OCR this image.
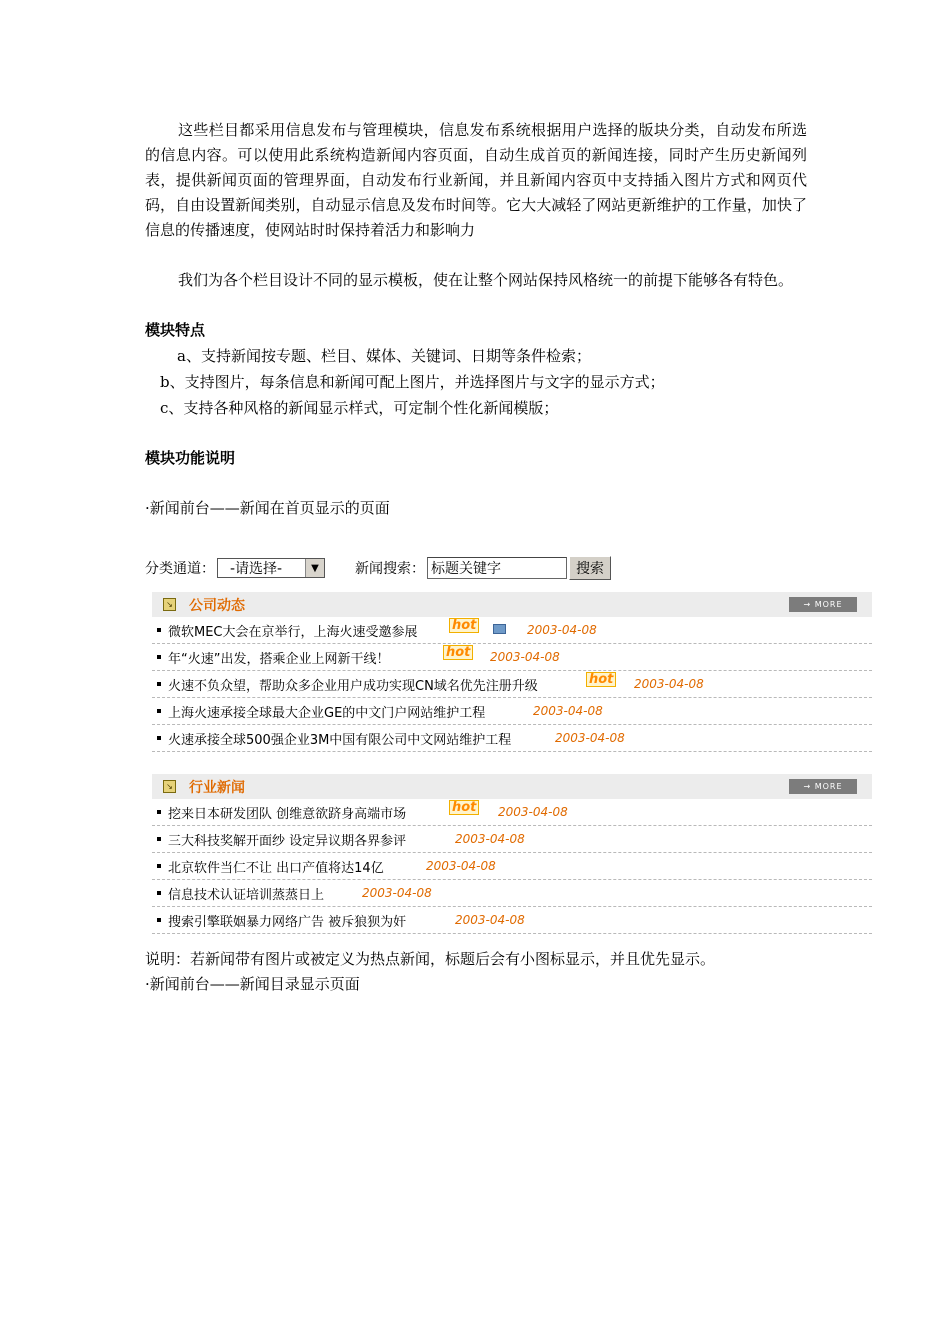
这些栏目都采用信息发布与管理模块，信息发布系统根据用户选择的版块分类，自动发布所选的信息内容。可以使用此系统构造新闻内容页面，自动生成首页的新闻连接，同时产生历史新闻列表，提供新闻页面的管理界面，自动发布行业新闻，并且新闻内容页中支持插入图片方式和网页代码，自由设置新闻类别，自动显示信息及发布时间等。它大大减轻了网站更新维护的工作量，加快了信息的传播速度，使网站时时保持着活力和影响力

我们为各个栏目设计不同的显示模板，使在让整个网站保持风格统一的前提下能够各有特色。

模块特点

a、支持新闻按专题、栏目、媒体、关键词、日期等条件检索；

b、支持图片，每条信息和新闻可配上图片，并选择图片与文字的显示方式；

c、支持各种风格的新闻显示样式，可定制个性化新闻模版；

模块功能说明

·新闻前台——新闻在首页显示的页面

分类通道：	-请选择-	▼	新闻搜索：
标题关键字	搜索
↘ 公司动态	→ MORE
微软MEC大会在京举行，上海火速受邀参展	hot	2003-04-08
年“火速”出发，搭乘企业上网新干线！	hot 2003-04-08
火速不负众望，帮助众多企业用户成功实现CN域名优先注册升级	hot 2003-04-08
上海火速承接全球最大企业GE的中文门户网站维护工程	2003-04-08
火速承接全球500强企业3M中国有限公司中文网站维护工程	2003-04-08
↘ 行业新闻	→ MORE
挖来日本研发团队 创维意欲跻身高端市场	hot 2003-04-08
三大科技奖解开面纱 设定异议期各界参评	2003-04-08
北京软件当仁不让 出口产值将达14亿	2003-04-08
信息技术认证培训蒸蒸日上	2003-04-08
搜索引擎联姻暴力网络广告 被斥狼狈为奸	2003-04-08

说明：若新闻带有图片或被定义为热点新闻，标题后会有小图标显示，并且优先显示。

·新闻前台——新闻目录显示页面
